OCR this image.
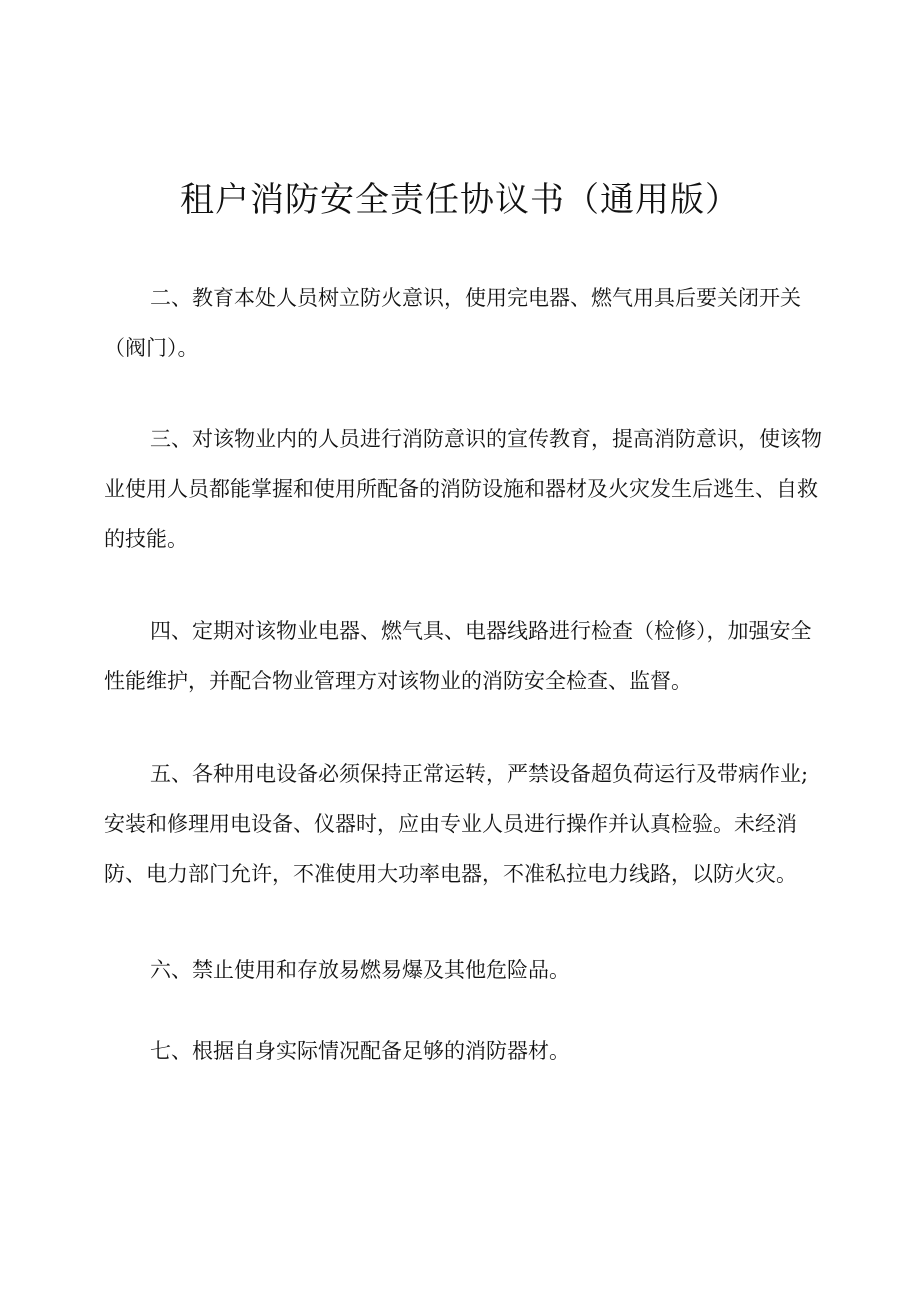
租户消防安全责任协议书（通用版）

二、教育本处人员树立防火意识，使用完电器、燃气用具后要关闭开关（阀门）。

三、对该物业内的人员进行消防意识的宣传教育，提高消防意识，使该物业使用人员都能掌握和使用所配备的消防设施和器材及火灾发生后逃生、自救的技能。

四、定期对该物业电器、燃气具、电器线路进行检查（检修），加强安全性能维护，并配合物业管理方对该物业的消防安全检查、监督。

五、各种用电设备必须保持正常运转，严禁设备超负荷运行及带病作业;安装和修理用电设备、仪器时，应由专业人员进行操作并认真检验。未经消防、电力部门允许，不准使用大功率电器，不准私拉电力线路，以防火灾。

六、禁止使用和存放易燃易爆及其他危险品。

七、根据自身实际情况配备足够的消防器材。
